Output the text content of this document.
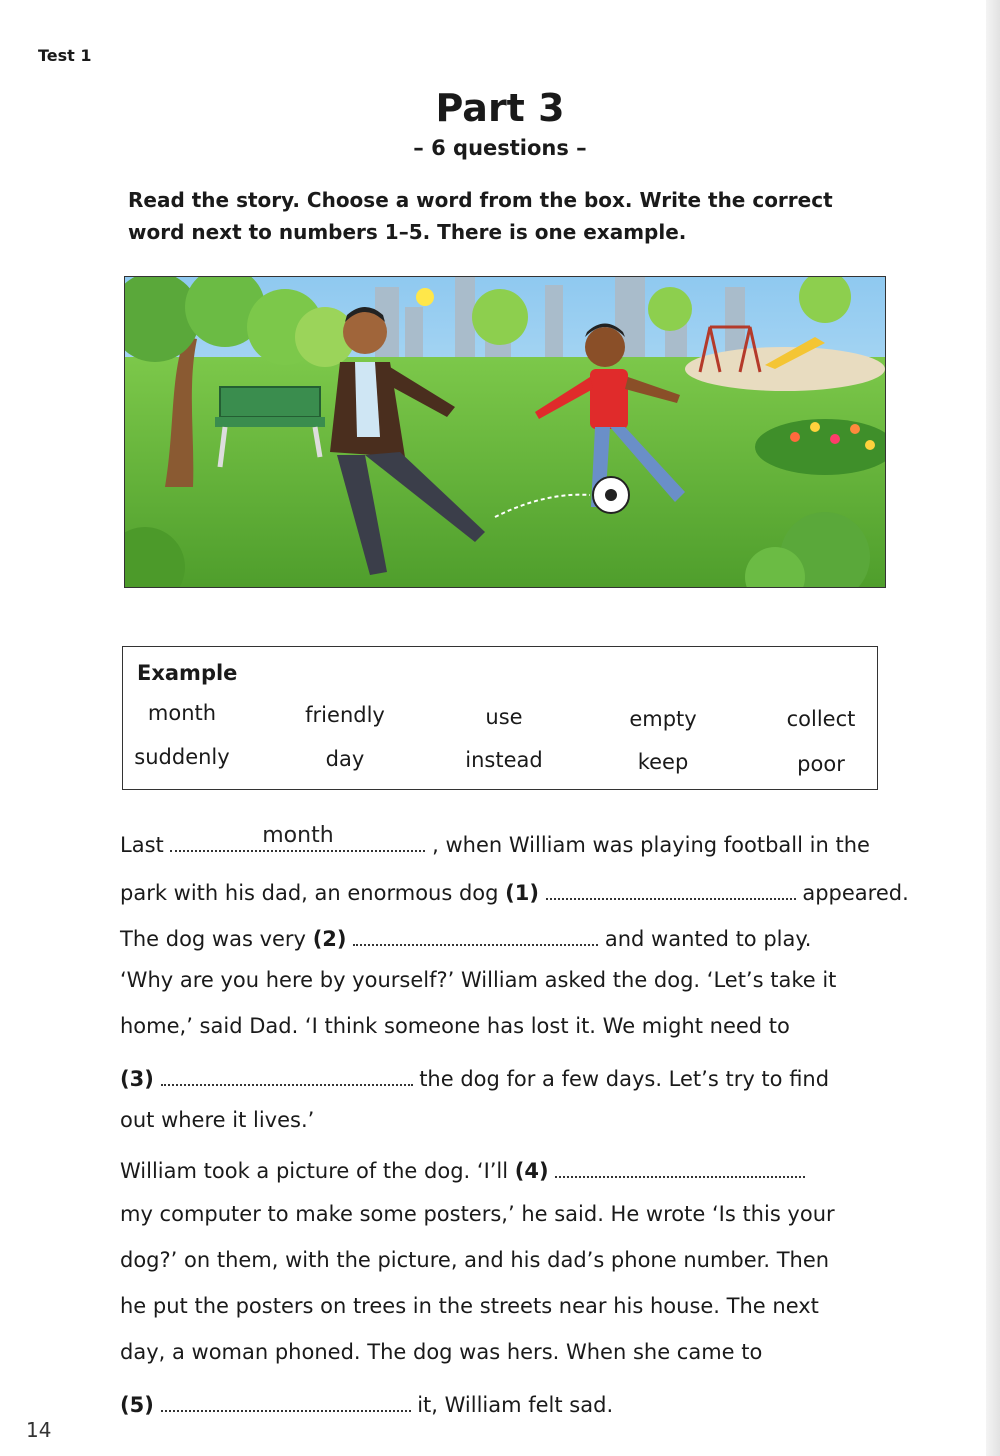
Test 1
Part 3
– 6 questions –
Read the story. Choose a word from the box. Write the correct
word next to numbers 1–5. There is one example.
Example
month	friendly	use	empty	collect
suddenly	day	instead	keep	poor
Last	month	, when William was playing football in the
park with his dad, an enormous dog (1)	appeared.
The dog was very (2)	and wanted to play.
‘Why are you here by yourself?’ William asked the dog. ‘Let’s take it
home,’ said Dad. ‘I think someone has lost it. We might need to
(3)	the dog for a few days. Let’s try to find
out where it lives.’
William took a picture of the dog. ‘I’ll (4)
my computer to make some posters,’ he said. He wrote ‘Is this your
dog?’ on them, with the picture, and his dad’s phone number. Then
he put the posters on trees in the streets near his house. The next
day, a woman phoned. The dog was hers. When she came to
(5)	it, William felt sad.
14
